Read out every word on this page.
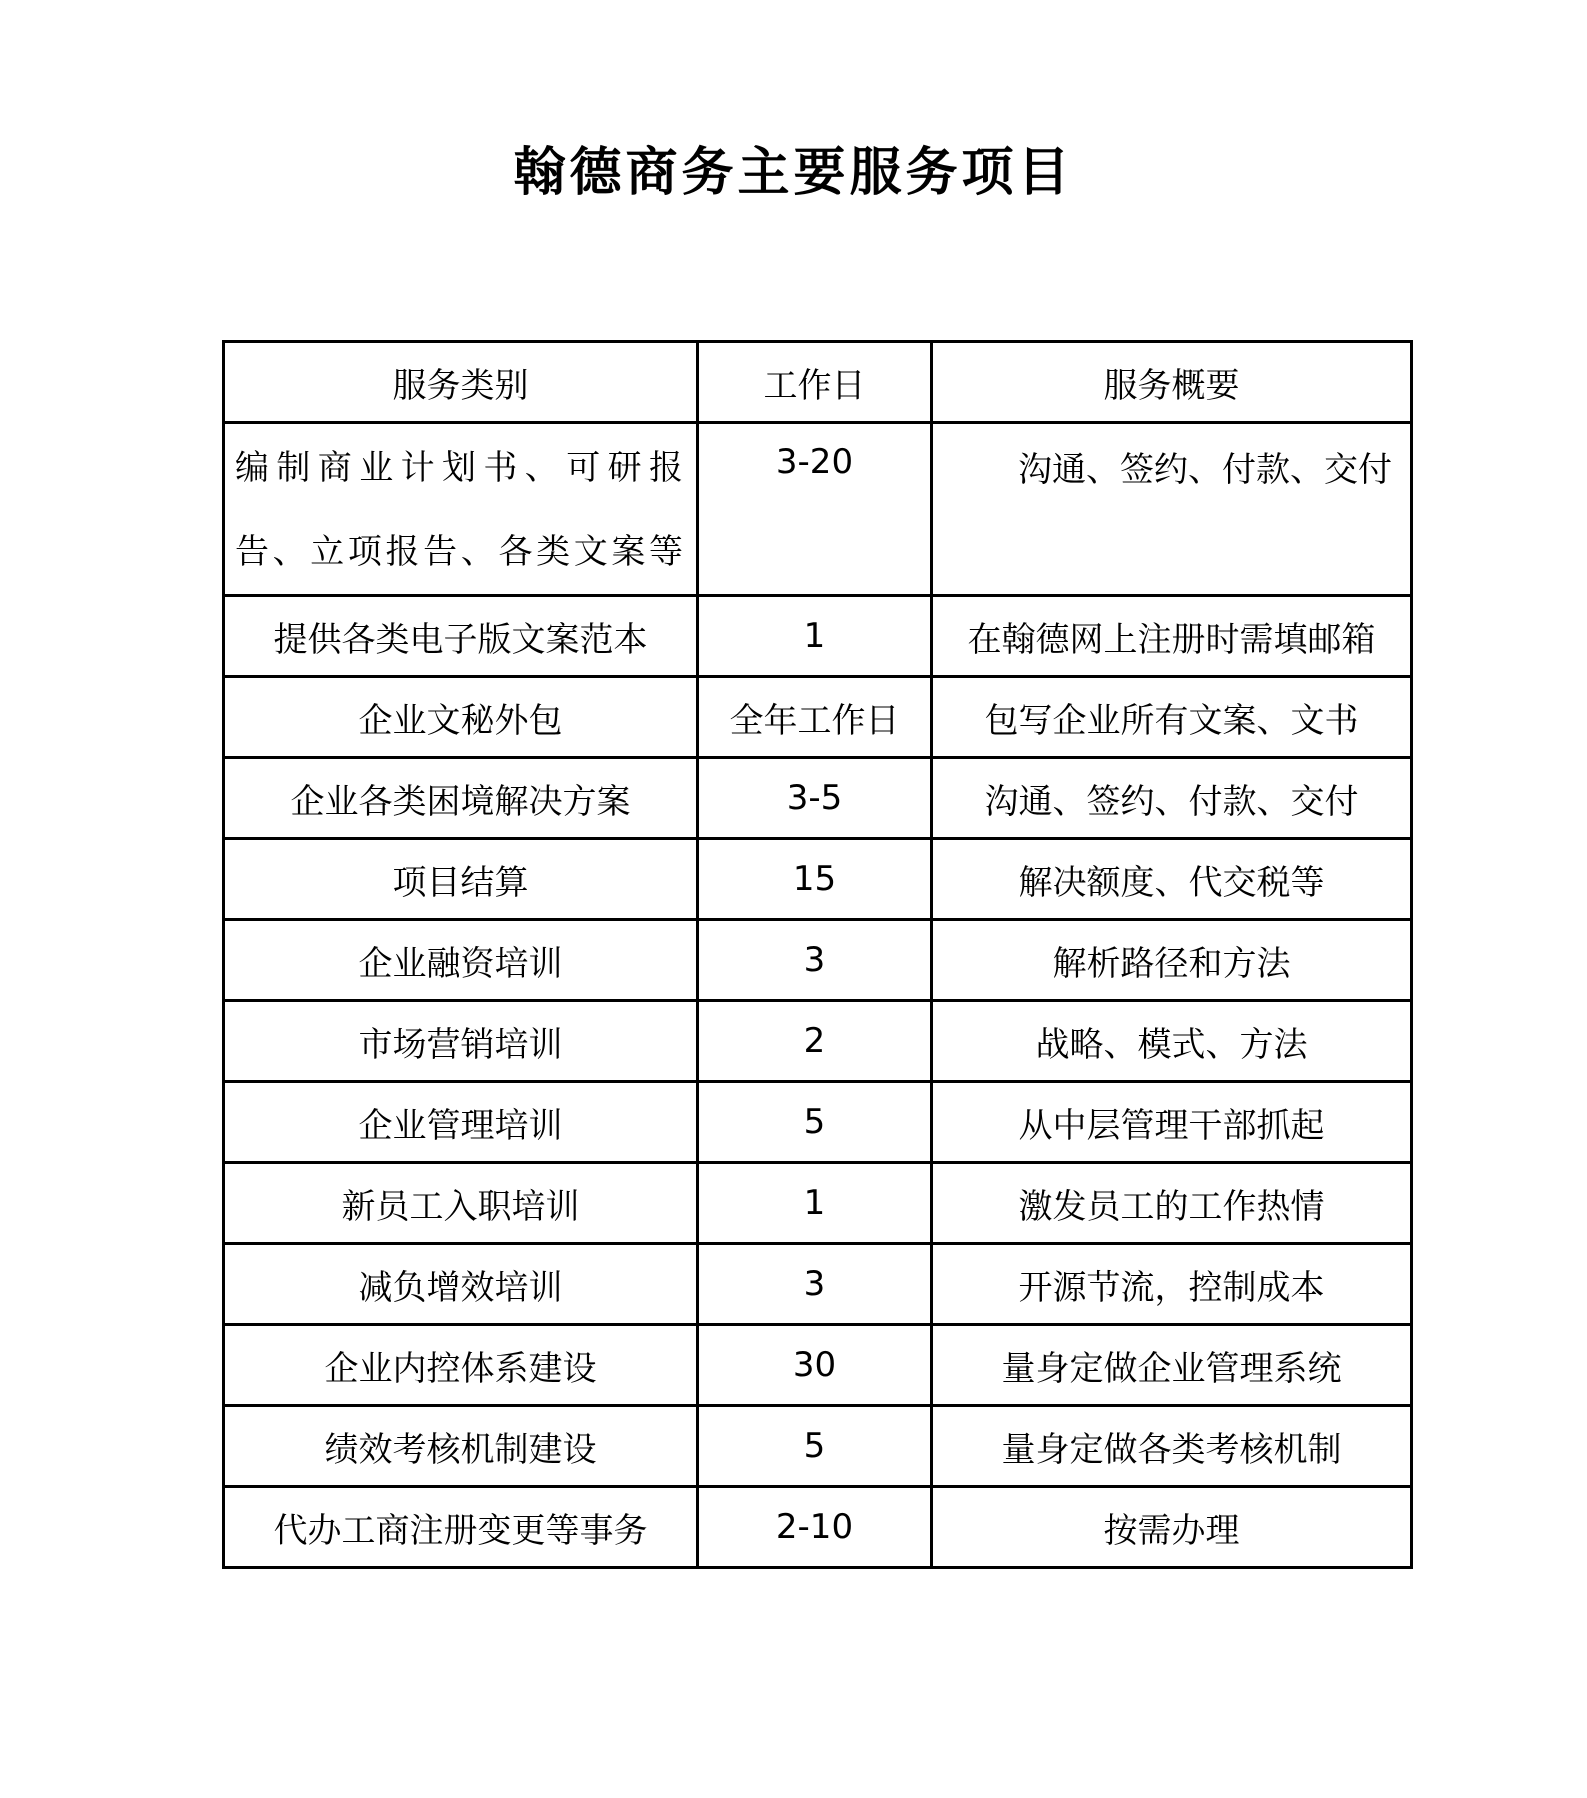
翰德商务主要服务项目
服务类别	工作日	服务概要
编制商业计划书、可研报告、立项报告、各类文案等	3-20	沟通、签约、付款、交付
提供各类电子版文案范本	1	在翰德网上注册时需填邮箱
企业文秘外包	全年工作日	包写企业所有文案、文书
企业各类困境解决方案	3-5	沟通、签约、付款、交付
项目结算	15	解决额度、代交税等
企业融资培训	3	解析路径和方法
市场营销培训	2	战略、模式、方法
企业管理培训	5	从中层管理干部抓起
新员工入职培训	1	激发员工的工作热情
减负增效培训	3	开源节流，控制成本
企业内控体系建设	30	量身定做企业管理系统
绩效考核机制建设	5	量身定做各类考核机制
代办工商注册变更等事务	2-10	按需办理
